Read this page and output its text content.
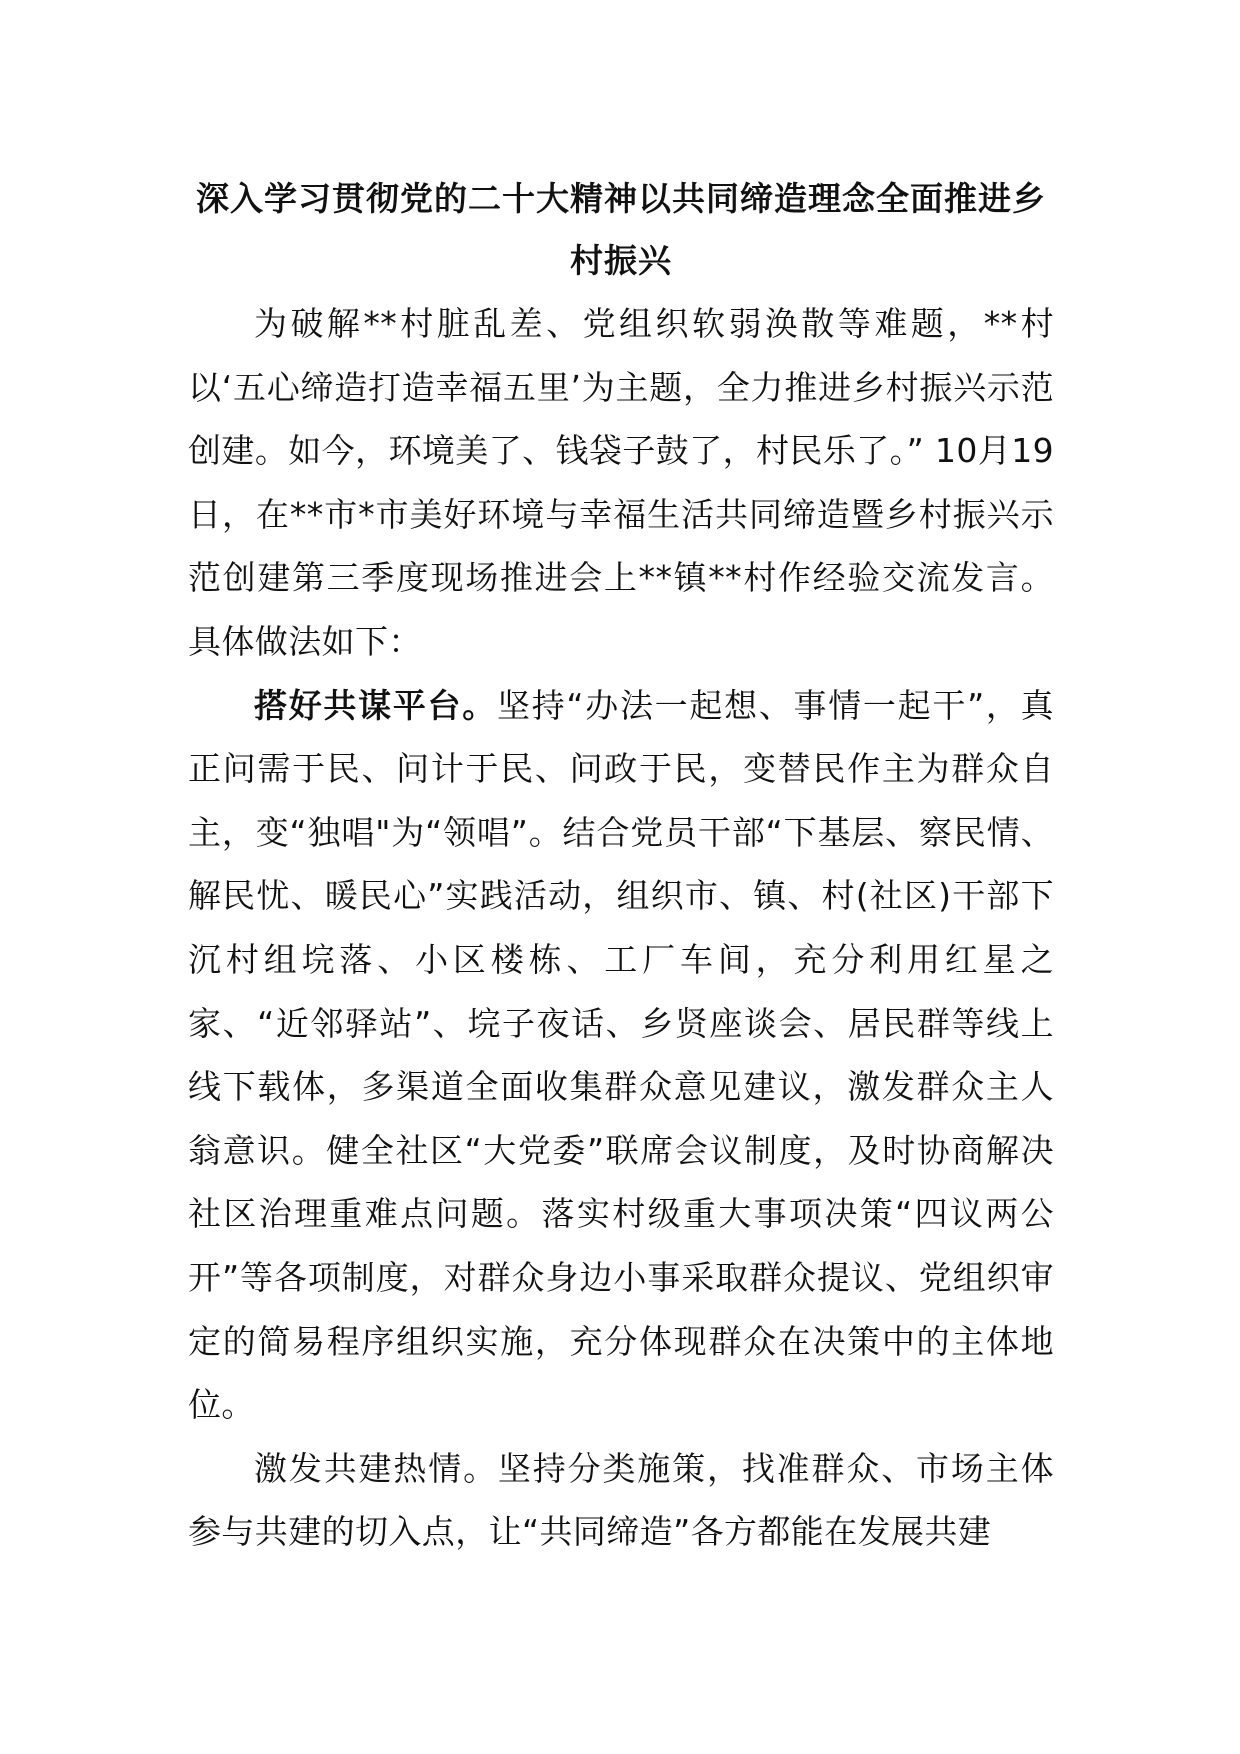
深入学习贯彻党的二十大精神以共同缔造理念全面推进乡村振兴

为破解**村脏乱差、党组织软弱涣散等难题，**村以‘五心缔造打造幸福五里’为主题，全力推进乡村振兴示范创建。如今，环境美了、钱袋子鼓了，村民乐了。” 10月19日，在**市*市美好环境与幸福生活共同缔造暨乡村振兴示范创建第三季度现场推进会上**镇**村作经验交流发言。具体做法如下：

搭好共谋平台。坚持“办法一起想、事情一起干”，真正问需于民、问计于民、问政于民，变替民作主为群众自主，变“独唱"为“领唱”。结合党员干部“下基层、察民情、解民忧、暖民心”实践活动，组织市、镇、村(社区)干部下沉村组垸落、小区楼栋、工厂车间，充分利用红星之家、“近邻驿站”、垸子夜话、乡贤座谈会、居民群等线上线下载体，多渠道全面收集群众意见建议，激发群众主人翁意识。健全社区“大党委”联席会议制度，及时协商解决社区治理重难点问题。落实村级重大事项决策“四议两公开”等各项制度，对群众身边小事采取群众提议、党组织审定的简易程序组织实施，充分体现群众在决策中的主体地位。

激发共建热情。坚持分类施策，找准群众、市场主体参与共建的切入点，让“共同缔造”各方都能在发展共建
